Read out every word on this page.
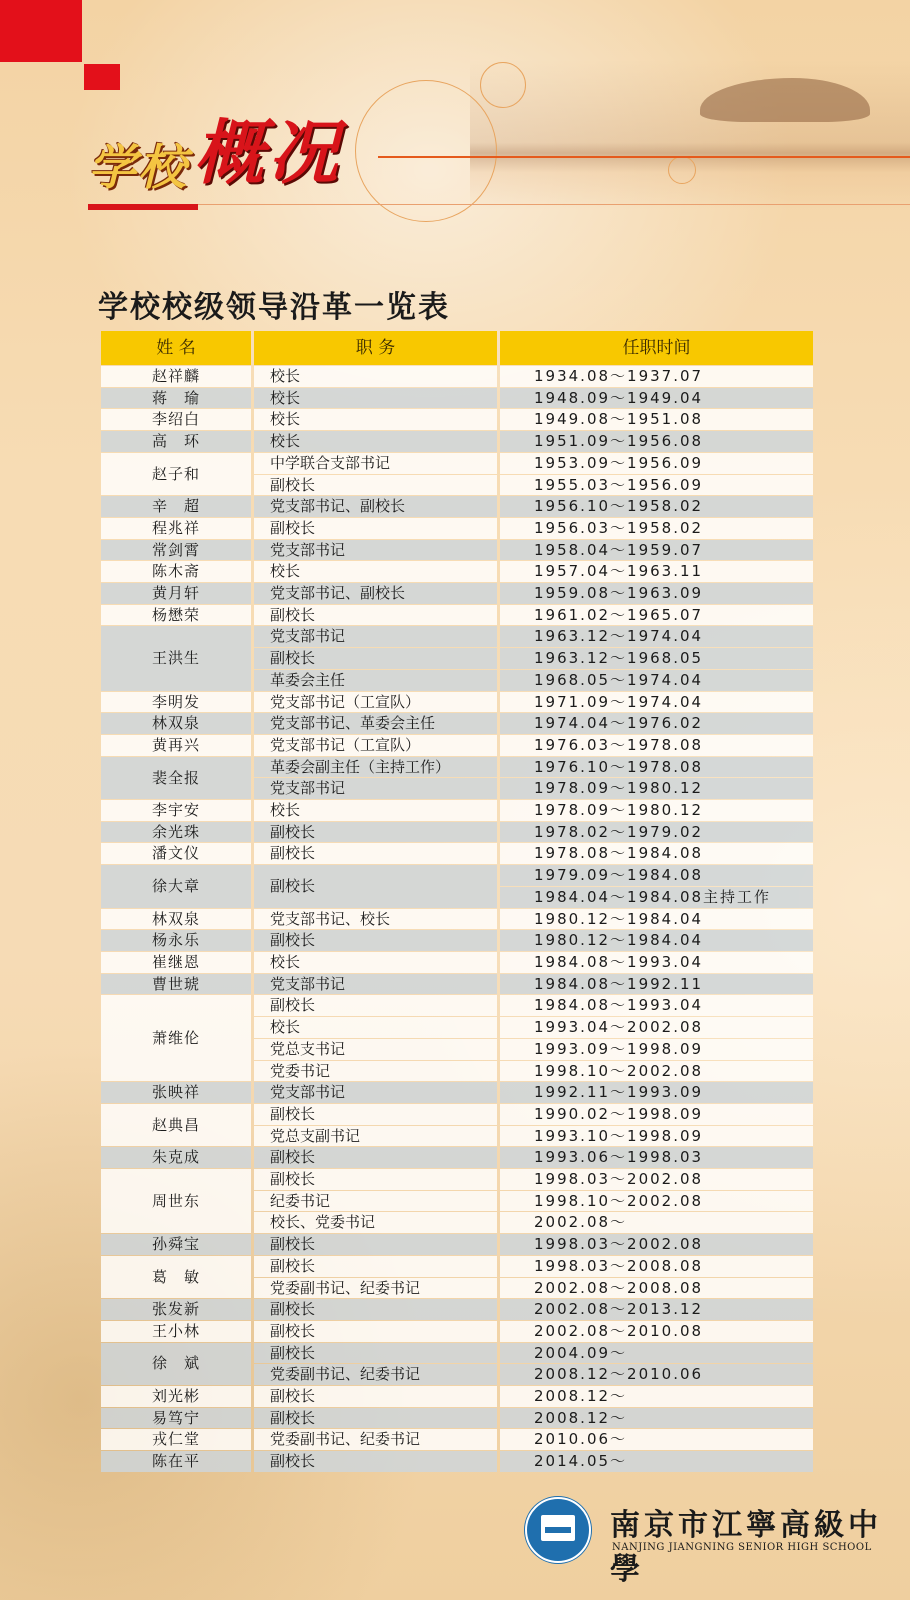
学校 概况
学校校级领导沿革一览表
姓 名	职 务	任职时间
赵祥麟	校长	1934.08～1937.07
蒋　瑜	校长	1948.09～1949.04
李绍白	校长	1949.08～1951.08
高　环	校长	1951.09～1956.08
赵子和	中学联合支部书记	1953.09～1956.09
	副校长	1955.03～1956.09
辛　超	党支部书记、副校长	1956.10～1958.02
程兆祥	副校长	1956.03～1958.02
常剑霄	党支部书记	1958.04～1959.07
陈木斋	校长	1957.04～1963.11
黄月轩	党支部书记、副校长	1959.08～1963.09
杨懋荣	副校长	1961.02～1965.07
王洪生	党支部书记	1963.12～1974.04
	副校长	1963.12～1968.05
	革委会主任	1968.05～1974.04
李明发	党支部书记（工宣队）	1971.09～1974.04
林双泉	党支部书记、革委会主任	1974.04～1976.02
黄再兴	党支部书记（工宣队）	1976.03～1978.08
裴全报	革委会副主任（主持工作）	1976.10～1978.08
	党支部书记	1978.09～1980.12
李宇安	校长	1978.09～1980.12
余光珠	副校长	1978.02～1979.02
潘文仪	副校长	1978.08～1984.08
徐大章	副校长	1979.09～1984.08
		1984.04～1984.08主持工作
林双泉	党支部书记、校长	1980.12～1984.04
杨永乐	副校长	1980.12～1984.04
崔继恩	校长	1984.08～1993.04
曹世琥	党支部书记	1984.08～1992.11
萧维伦	副校长	1984.08～1993.04
	校长	1993.04～2002.08
	党总支书记	1993.09～1998.09
	党委书记	1998.10～2002.08
张映祥	党支部书记	1992.11～1993.09
赵典昌	副校长	1990.02～1998.09
	党总支副书记	1993.10～1998.09
朱克成	副校长	1993.06～1998.03
周世东	副校长	1998.03～2002.08
	纪委书记	1998.10～2002.08
	校长、党委书记	2002.08～
孙舜宝	副校长	1998.03～2002.08
葛　敏	副校长	1998.03～2008.08
	党委副书记、纪委书记	2002.08～2008.08
张发新	副校长	2002.08～2013.12
王小林	副校长	2002.08～2010.08
徐　斌	副校长	2004.09～
	党委副书记、纪委书记	2008.12～2010.06
刘光彬	副校长	2008.12～
易笃宁	副校长	2008.12～
戎仁堂	党委副书记、纪委书记	2010.06～
陈在平	副校长	2014.05～
南京市江寧高級中學
NANJING JIANGNING SENIOR HIGH SCHOOL
